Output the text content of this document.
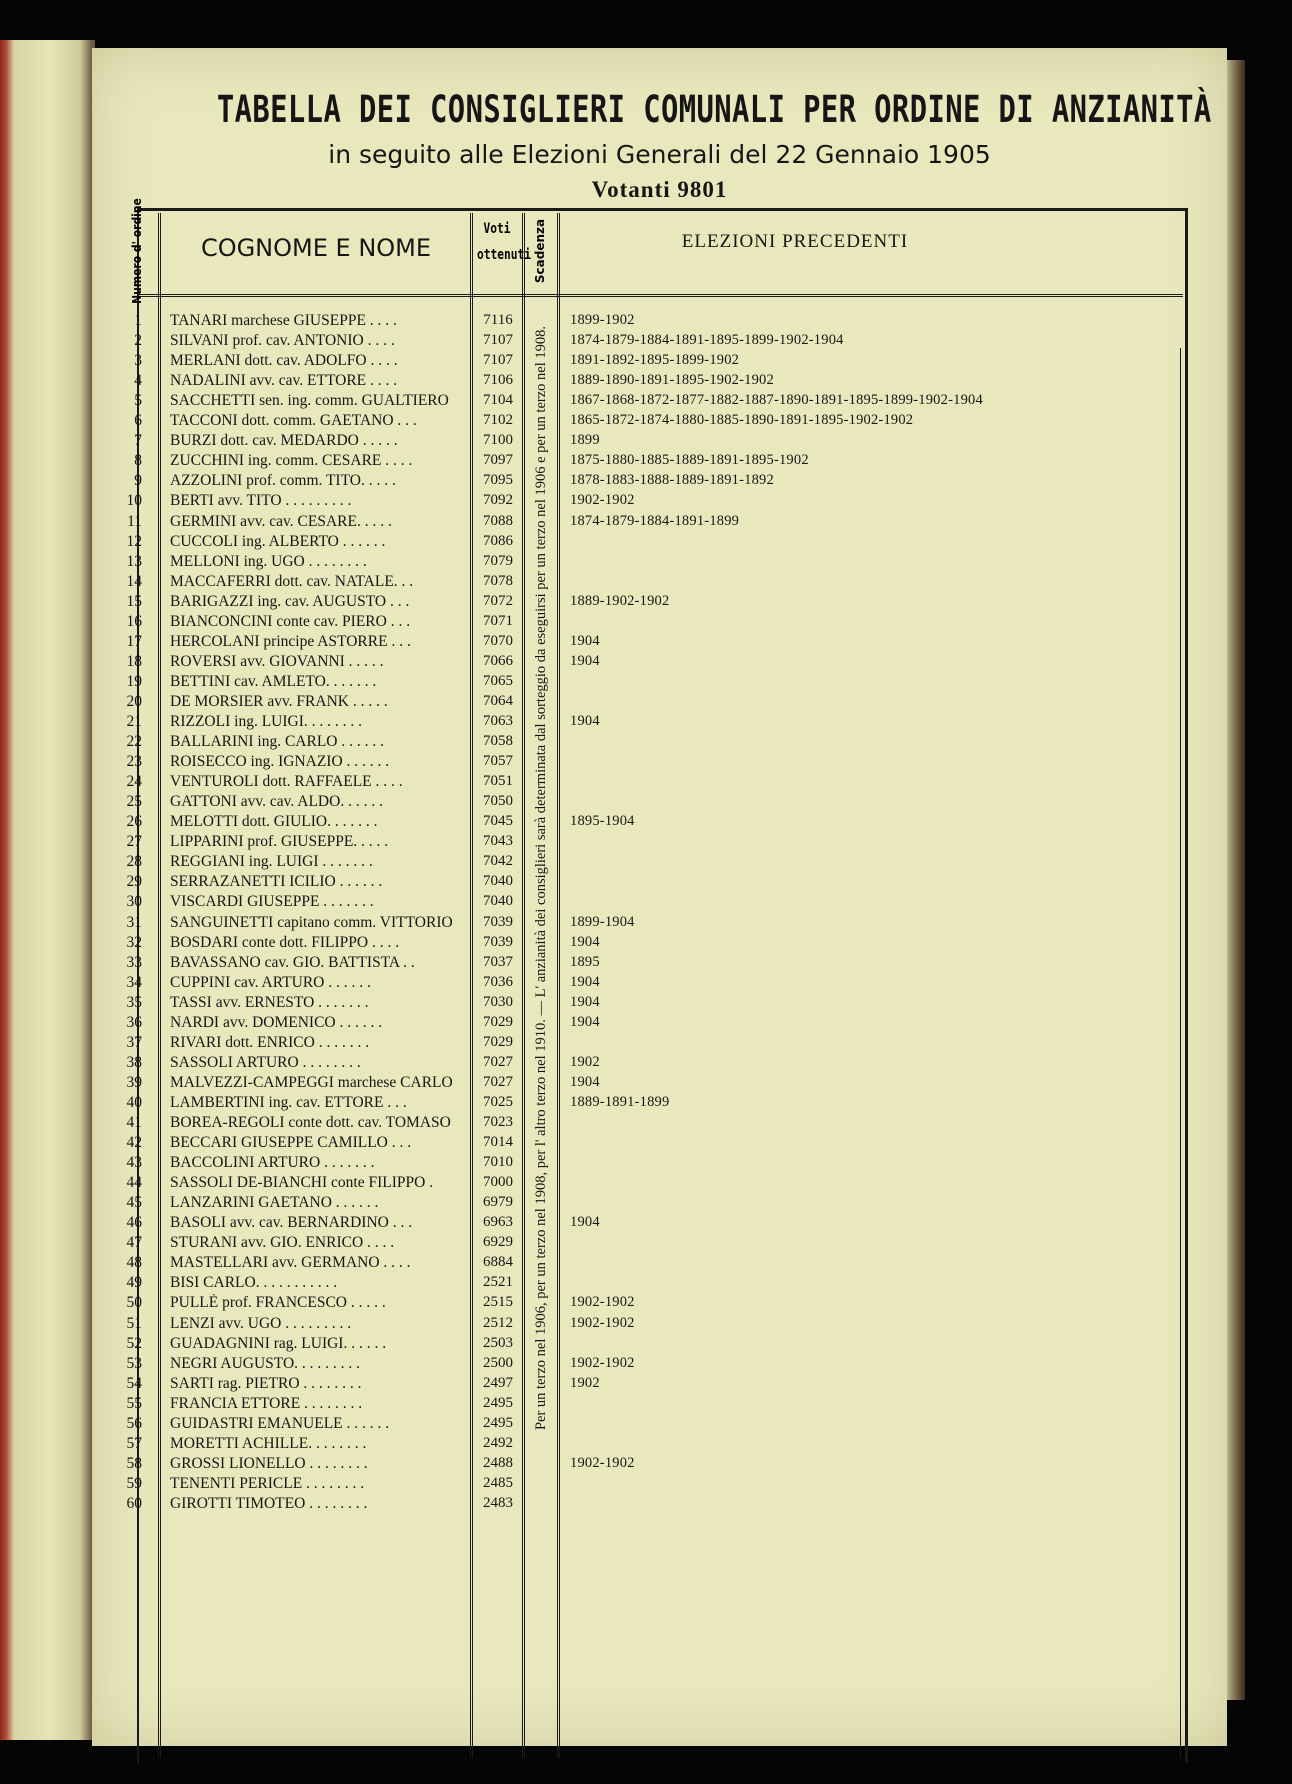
TABELLA DEI CONSIGLIERI COMUNALI PER ORDINE DI ANZIANITÀ
in seguito alle Elezioni Generali del 22 Gennaio 1905
Votanti 9801
Numero d' ordine	COGNOME E NOME
Voti
ottenuti Scadenza	ELEZIONI PRECEDENTI
1 TANARI marchese GIUSEPPE . . . .	7116	1899-1902
2 SILVANI prof. cav. ANTONIO . . . .	7107	1874-1879-1884-1891-1895-1899-1902-1904
3 MERLANI dott. cav. ADOLFO . . . .	7107	1891-1892-1895-1899-1902
4 NADALINI avv. cav. ETTORE . . . .	7106	1889-1890-1891-1895-1902-1902
5 SACCHETTI sen. ing. comm. GUALTIERO	7104	1867-1868-1872-1877-1882-1887-1890-1891-1895-1899-1902-1904
6 TACCONI dott. comm. GAETANO . . .	7102	1865-1872-1874-1880-1885-1890-1891-1895-1902-1902
7 BURZI dott. cav. MEDARDO . . . . .	7100	1899
8 ZUCCHINI ing. comm. CESARE . . . .	7097	1875-1880-1885-1889-1891-1895-1902
9 AZZOLINI prof. comm. TITO. . . . .	7095	1878-1883-1888-1889-1891-1892
10 BERTI avv. TITO . . . . . . . . .	7092	1902-1902
11 GERMINI avv. cav. CESARE. . . . .	7088	1874-1879-1884-1891-1899
12 CUCCOLI ing. ALBERTO . . . . . .	7086
13 MELLONI ing. UGO . . . . . . . .	7079
14 MACCAFERRI dott. cav. NATALE. . .	7078
15 BARIGAZZI ing. cav. AUGUSTO . . .	7072	1889-1902-1902
16 BIANCONCINI conte cav. PIERO . . .	7071
17 HERCOLANI principe ASTORRE . . .	7070	1904
18 ROVERSI avv. GIOVANNI . . . . .	7066	1904
19 BETTINI cav. AMLETO. . . . . . .	7065
20 DE MORSIER avv. FRANK . . . . .	7064
21 RIZZOLI ing. LUIGI. . . . . . . .	7063	1904
22 BALLARINI ing. CARLO . . . . . .	7058
23 ROISECCO ing. IGNAZIO . . . . . .	7057
24 VENTUROLI dott. RAFFAELE . . . .	7051
25 GATTONI avv. cav. ALDO. . . . . .	7050
26 MELOTTI dott. GIULIO. . . . . . .	7045	1895-1904
27 LIPPARINI prof. GIUSEPPE. . . . .	7043
28 REGGIANI ing. LUIGI . . . . . . .	7042
29 SERRAZANETTI ICILIO . . . . . .	7040
30 VISCARDI GIUSEPPE . . . . . . .	7040
31 SANGUINETTI capitano comm. VITTORIO	7039	1899-1904
32 BOSDARI conte dott. FILIPPO . . . .	7039	1904
33 BAVASSANO cav. GIO. BATTISTA . .	7037	1895
34 CUPPINI cav. ARTURO . . . . . .	7036	1904
35 TASSI avv. ERNESTO . . . . . . .	7030	1904
36 NARDI avv. DOMENICO . . . . . .	7029	1904
37 RIVARI dott. ENRICO . . . . . . .	7029
38 SASSOLI ARTURO . . . . . . . .	7027	1902
39 MALVEZZI-CAMPEGGI marchese CARLO	7027	1904
40 LAMBERTINI ing. cav. ETTORE . . .	7025	1889-1891-1899
41 BOREA-REGOLI conte dott. cav. TOMASO	7023
42 BECCARI GIUSEPPE CAMILLO . . .	7014
43 BACCOLINI ARTURO . . . . . . .	7010
44 SASSOLI DE-BIANCHI conte FILIPPO .	7000
45 LANZARINI GAETANO . . . . . .	6979
46 BASOLI avv. cav. BERNARDINO . . .	6963	1904
47 STURANI avv. GIO. ENRICO . . . .	6929
48 MASTELLARI avv. GERMANO . . . .	6884
49 BISI CARLO. . . . . . . . . . .	2521
50 PULLÈ prof. FRANCESCO . . . . .	2515	1902-1902
51 LENZI avv. UGO . . . . . . . . .	2512	1902-1902
52 GUADAGNINI rag. LUIGI. . . . . .	2503
53 NEGRI AUGUSTO. . . . . . . . .	2500	1902-1902
54 SARTI rag. PIETRO . . . . . . . .	2497	1902
55 FRANCIA ETTORE . . . . . . . .	2495
56 GUIDASTRI EMANUELE . . . . . .	2495
57 MORETTI ACHILLE. . . . . . . .	2492
58 GROSSI LIONELLO . . . . . . . .	2488	1902-1902
59 TENENTI PERICLE . . . . . . . .	2485
60 GIROTTI TIMOTEO . . . . . . . .	2483
Per un terzo nel 1906, per un terzo nel 1908, per l' altro terzo nel 1910. — L' anzianità dei consiglieri sarà determinata dal sorteggio da eseguirsi per un terzo nel 1906 e per un terzo nel 1908.
